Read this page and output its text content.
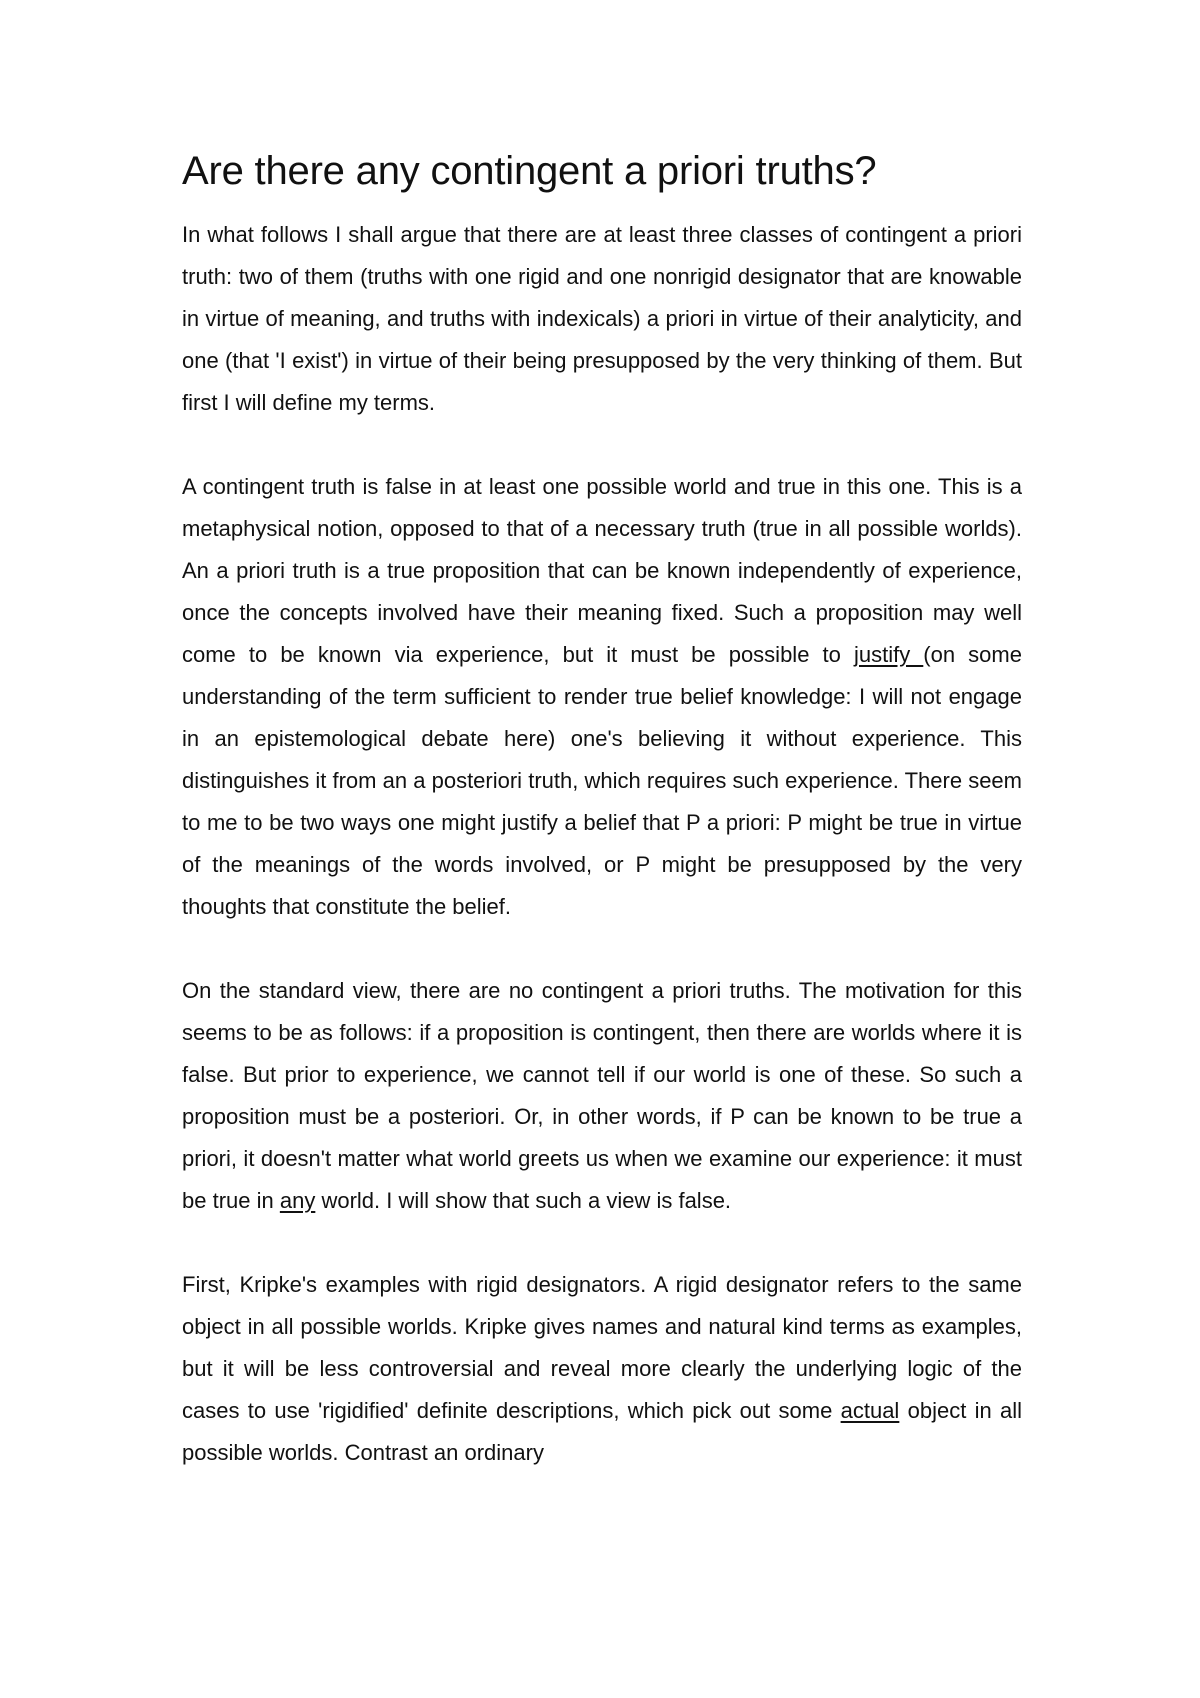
Are there any contingent a priori truths?

In what follows I shall argue that there are at least three classes of contingent a priori truth: two of them (truths with one rigid and one nonrigid designator that are knowable in virtue of meaning, and truths with indexicals) a priori in virtue of their analyticity, and one (that 'I exist') in virtue of their being presupposed by the very thinking of them. But first I will define my terms.

A contingent truth is false in at least one possible world and true in this one. This is a metaphysical notion, opposed to that of a necessary truth (true in all possible worlds). An a priori truth is a true proposition that can be known independently of experience, once the concepts involved have their meaning fixed. Such a proposition may well come to be known via experience, but it must be possible to justify (on some understanding of the term sufficient to render true belief knowledge: I will not engage in an epistemological debate here) one's believing it without experience. This distinguishes it from an a posteriori truth, which requires such experience. There seem to me to be two ways one might justify a belief that P a priori: P might be true in virtue of the meanings of the words involved, or P might be presupposed by the very thoughts that constitute the belief.

On the standard view, there are no contingent a priori truths. The motivation for this seems to be as follows: if a proposition is contingent, then there are worlds where it is false. But prior to experience, we cannot tell if our world is one of these. So such a proposition must be a posteriori. Or, in other words, if P can be known to be true a priori, it doesn't matter what world greets us when we examine our experience: it must be true in any world. I will show that such a view is false.

First, Kripke's examples with rigid designators. A rigid designator refers to the same object in all possible worlds. Kripke gives names and natural kind terms as examples, but it will be less controversial and reveal more clearly the underlying logic of the cases to use 'rigidified' definite descriptions, which pick out some actual object in all possible worlds. Contrast an ordinary
